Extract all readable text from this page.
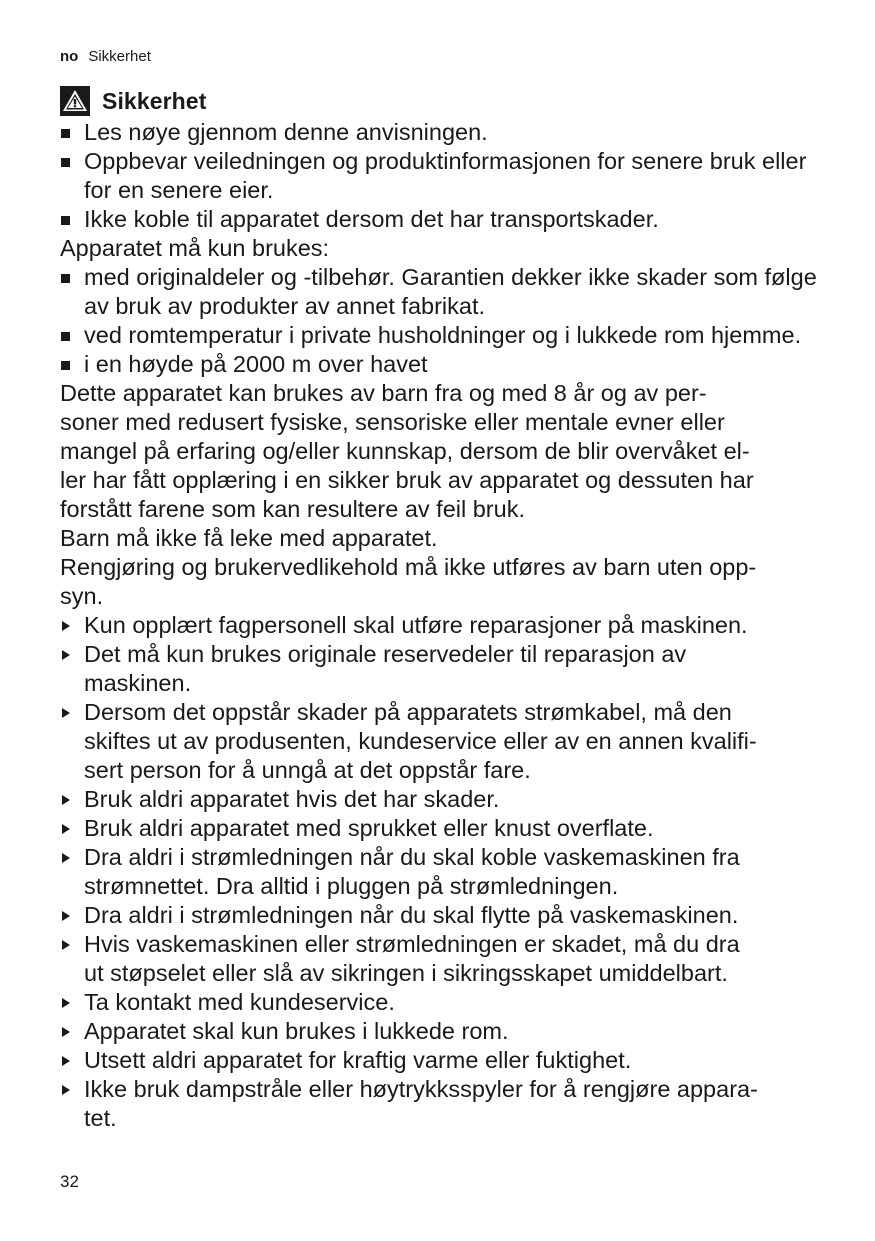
no Sikkerhet
Sikkerhet
Les nøye gjennom denne anvisningen.
Oppbevar veiledningen og produktinformasjonen for senere bruk eller for en senere eier.
Ikke koble til apparatet dersom det har transportskader.

Apparatet må kun brukes:

med originaldeler og -tilbehør. Garantien dekker ikke skader som følge av bruk av produkter av annet fabrikat.
ved romtemperatur i private husholdninger og i lukkede rom hjemme.
i en høyde på 2000 m over havet

Dette apparatet kan brukes av barn fra og med 8 år og av per-
soner med redusert fysiske, sensoriske eller mentale evner eller
mangel på erfaring og/eller kunnskap, dersom de blir overvåket el-
ler har fått opplæring i en sikker bruk av apparatet og dessuten har
forstått farene som kan resultere av feil bruk.

Barn må ikke få leke med apparatet.

Rengjøring og brukervedlikehold må ikke utføres av barn uten opp-
syn.

Kun opplært fagpersonell skal utføre reparasjoner på maskinen.
Det må kun brukes originale reservedeler til reparasjon av
maskinen.
Dersom det oppstår skader på apparatets strømkabel, må den
skiftes ut av produsenten, kundeservice eller av en annen kvalifi-
sert person for å unngå at det oppstår fare.
Bruk aldri apparatet hvis det har skader.
Bruk aldri apparatet med sprukket eller knust overflate.
Dra aldri i strømledningen når du skal koble vaskemaskinen fra
strømnettet. Dra alltid i pluggen på strømledningen.
Dra aldri i strømledningen når du skal flytte på vaskemaskinen.
Hvis vaskemaskinen eller strømledningen er skadet, må du dra
ut støpselet eller slå av sikringen i sikringsskapet umiddelbart.
Ta kontakt med kundeservice.
Apparatet skal kun brukes i lukkede rom.
Utsett aldri apparatet for kraftig varme eller fuktighet.
Ikke bruk dampstråle eller høytrykksspyler for å rengjøre appara-
tet.
32
